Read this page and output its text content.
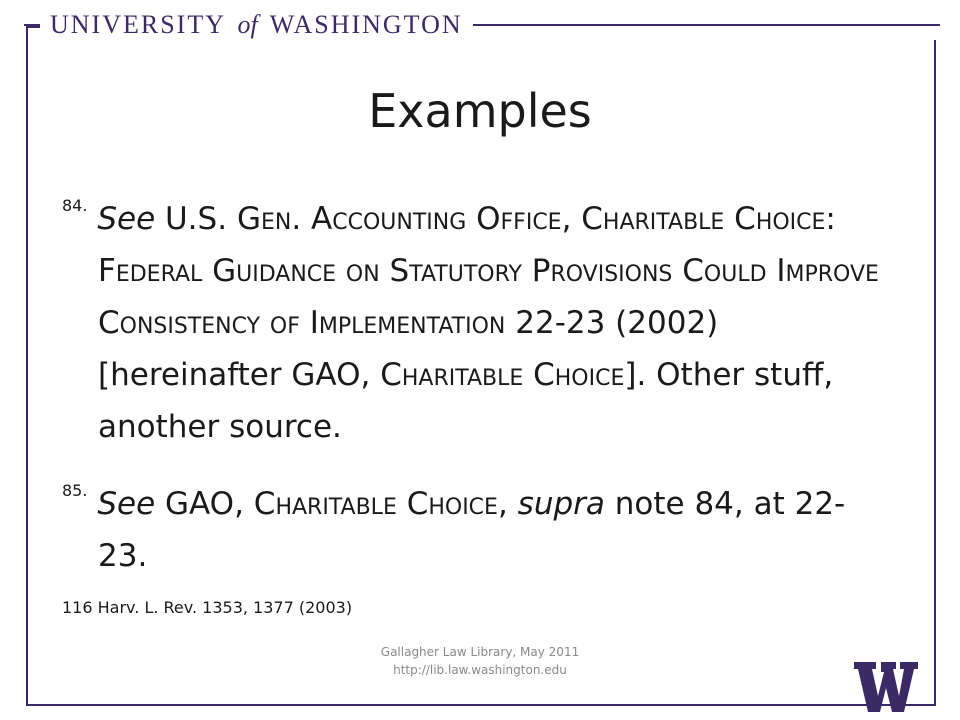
UNIVERSITY of WASHINGTON
Examples

$^{84.}$ See U.S. Gen. Accounting Office, Charitable Choice: Federal Guidance on Statutory Provisions Could Improve Consistency of Implementation 22-23 (2002) [hereinafter GAO, Charitable Choice]. Other stuff, another source.

$^{85.}$ See GAO, Charitable Choice, supra note 84, at 22-23.

116 Harv. L. Rev. 1353, 1377 (2003)
Gallagher Law Library, May 2011
http://lib.law.washington.edu
